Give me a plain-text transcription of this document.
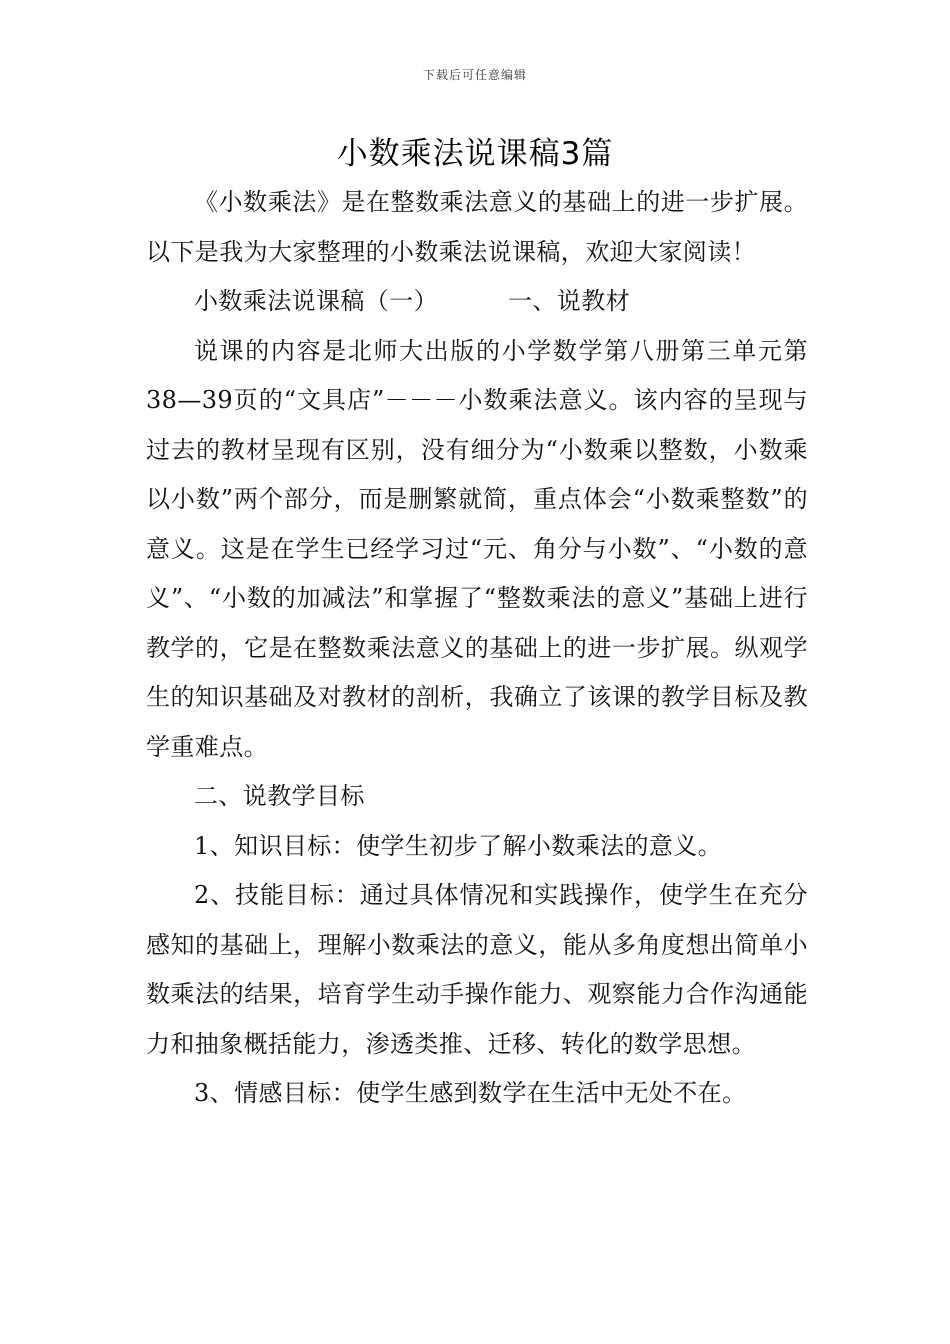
下载后可任意编辑
小数乘法说课稿3篇

《小数乘法》是在整数乘法意义的基础上的进一步扩展。以下是我为大家整理的小数乘法说课稿，欢迎大家阅读！

小数乘法说课稿（一）	一、说教材

说课的内容是北师大出版的小学数学第八册第三单元第38—39页的“文具店”－－－小数乘法意义。该内容的呈现与过去的教材呈现有区别，没有细分为“小数乘以整数，小数乘以小数”两个部分，而是删繁就简，重点体会“小数乘整数”的意义。这是在学生已经学习过“元、角分与小数”、“小数的意义”、“小数的加减法”和掌握了“整数乘法的意义”基础上进行教学的，它是在整数乘法意义的基础上的进一步扩展。纵观学生的知识基础及对教材的剖析，我确立了该课的教学目标及教学重难点。

二、说教学目标

1、知识目标：使学生初步了解小数乘法的意义。

2、技能目标：通过具体情况和实践操作，使学生在充分感知的基础上，理解小数乘法的意义，能从多角度想出简单小数乘法的结果，培育学生动手操作能力、观察能力合作沟通能力和抽象概括能力，渗透类推、迁移、转化的数学思想。

3、情感目标：使学生感到数学在生活中无处不在。
